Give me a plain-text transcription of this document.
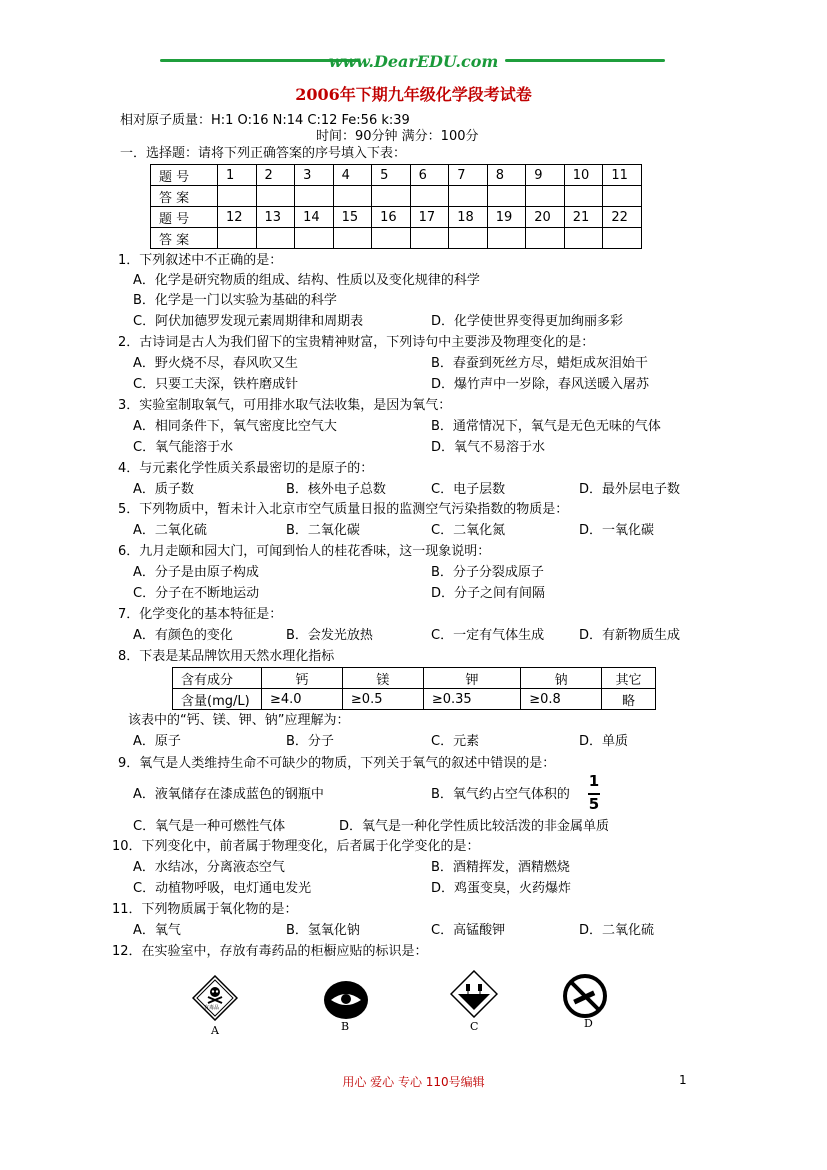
www.DearEDU.com
2006年下期九年级化学段考试卷
相对原子质量：H:1 O:16 N:14 C:12 Fe:56 k:39
时间：90分钟 满分：100分
一．选择题：请将下列正确答案的序号填入下表：
题 号	1	2	3	4	5	6	7	8	9	10	11
答 案											
题 号	12	13	14	15	16	17	18	19	20	21	22
答 案											
1．下列叙述中不正确的是：
A．化学是研究物质的组成、结构、性质以及变化规律的科学
B．化学是一门以实验为基础的科学
C．阿伏加德罗发现元素周期律和周期表	D．化学使世界变得更加绚丽多彩
2．古诗词是古人为我们留下的宝贵精神财富，下列诗句中主要涉及物理变化的是：
A．野火烧不尽，春风吹又生	B．春蚕到死丝方尽，蜡炬成灰泪始干
C．只要工夫深，铁杵磨成针	D．爆竹声中一岁除，春风送暖入屠苏
3．实验室制取氧气，可用排水取气法收集，是因为氧气：
A．相同条件下，氧气密度比空气大	B．通常情况下，氧气是无色无味的气体
C．氧气能溶于水	D．氧气不易溶于水
4．与元素化学性质关系最密切的是原子的：
A．质子数	B．核外电子总数	C．电子层数	D．最外层电子数
5．下列物质中，暂未计入北京市空气质量日报的监测空气污染指数的物质是：
A．二氧化硫	B．二氧化碳	C．二氧化氮	D．一氧化碳
6．九月走颐和园大门，可闻到怡人的桂花香味，这一现象说明：
A．分子是由原子构成	B．分子分裂成原子
C．分子在不断地运动	D．分子之间有间隔
7．化学变化的基本特征是：
A．有颜色的变化	B．会发光放热	C．一定有气体生成	D．有新物质生成
8．下表是某品牌饮用天然水理化指标
含有成分	钙	镁	钾	钠	其它
含量(mg/L)	≥4.0	≥0.5	≥0.35	≥0.8	略
该表中的“钙、镁、钾、钠”应理解为：
A．原子	B．分子	C．元素	D．单质
9．氧气是人类维持生命不可缺少的物质，下列关于氧气的叙述中错误的是：
A．液氧储存在漆成蓝色的钢瓶中	B．氧气约占空气体积的
1
5
C．氧气是一种可燃性气体	D．氧气是一种化学性质比较活泼的非金属单质
10．下列变化中，前者属于物理变化，后者属于化学变化的是：
A．水结冰，分离液态空气	B．酒精挥发，酒精燃烧
C．动植物呼吸，电灯通电发光	D．鸡蛋变臭，火药爆炸
11．下列物质属于氧化物的是：
A．氧气	B．氢氧化钠	C．高锰酸钾	D．二氧化硫
12．在实验室中，存放有毒药品的柜橱应贴的标识是：
有毒品
A	B	C	D
用心 爱心 专心 110号编辑	1
